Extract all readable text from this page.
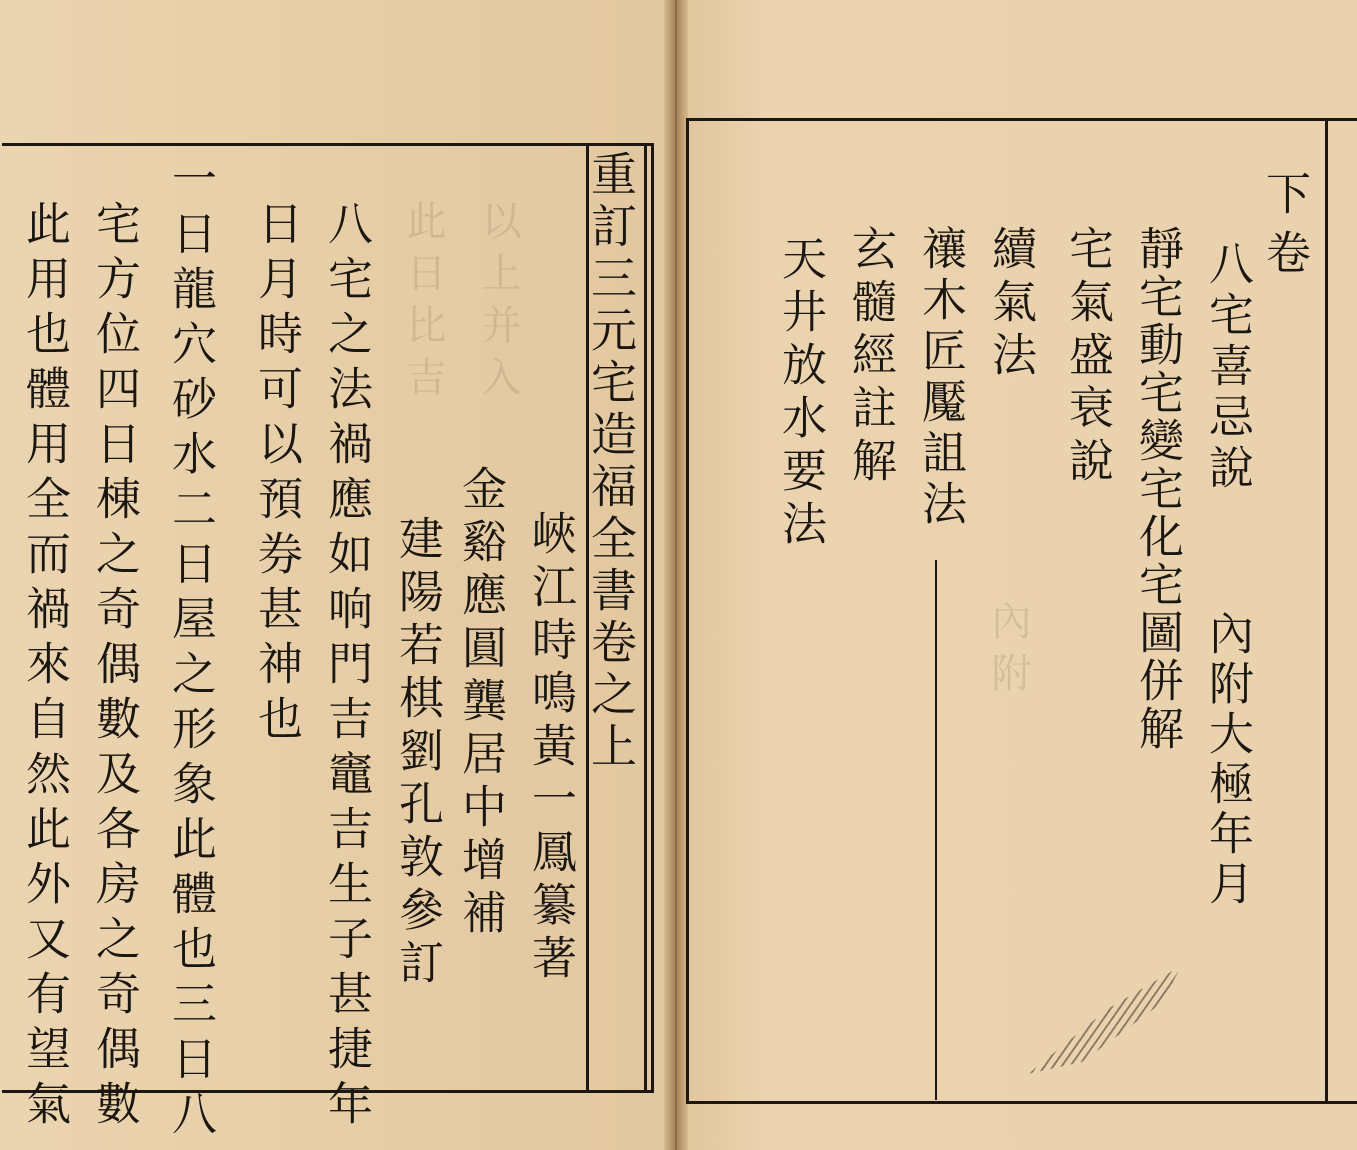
此日比吉 以上并入
內附
重訂三元宅造福全書卷之上
峽江時鳴黃一鳳纂著
金谿應圓龔居中增補
建陽若棋劉孔敦參訂
八宅之法禍應如响門吉竈吉生子甚捷年
日月時可以預券甚神也
一日龍穴砂水二日屋之形象此體也三日八
宅方位四日棟之奇偶數及各房之奇偶數
此用也體用全而禍來自然此外又有望氣	下卷
八宅喜忌說
內附大極年月
靜宅動宅變宅化宅圖併解
宅氣盛衰說
續氣法
禳木匠魘詛法
玄髓經註解
天井放水要法
